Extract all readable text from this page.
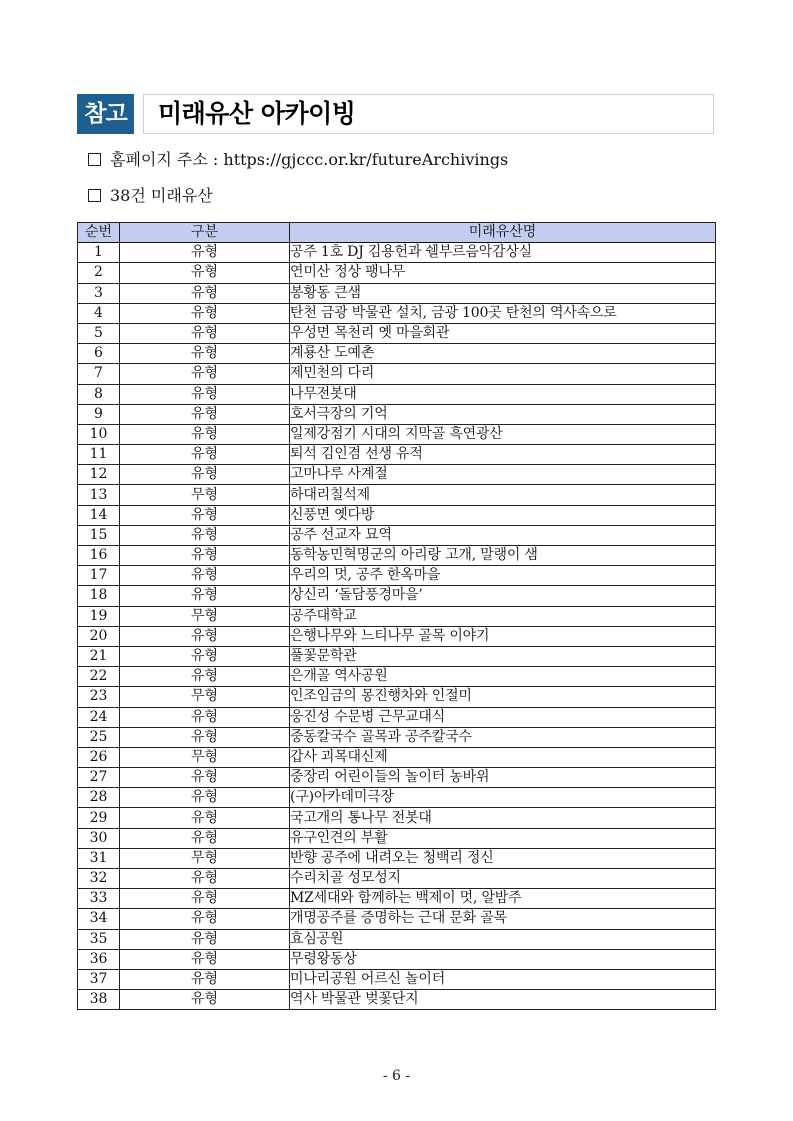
참고 미래유산 아카이빙
홈페이지 주소 : https://gjccc.or.kr/futureArchivings
38건 미래유산
순번	구분	미래유산명
1	유형	공주 1호 DJ 김용헌과 쉘부르음악감상실
2	유형	연미산 정상 팽나무
3	유형	봉황동 큰샘
4	유형	탄천 금광 박물관 설치, 금광 100곳 탄천의 역사속으로
5	유형	우성면 목천리 옛 마을회관
6	유형	계룡산 도예촌
7	유형	제민천의 다리
8	유형	나무전봇대
9	유형	호서극장의 기억
10	유형	일제강점기 시대의 지막골 흑연광산
11	유형	퇴석 김인겸 선생 유적
12	유형	고마나루 사계절
13	무형	하대리칠석제
14	유형	신풍면 옛다방
15	유형	공주 선교자 묘역
16	유형	동학농민혁명군의 아리랑 고개, 말랭이 샘
17	유형	우리의 멋, 공주 한옥마을
18	유형	상신리 ‘돌담풍경마을’
19	무형	공주대학교
20	유형	은행나무와 느티나무 골목 이야기
21	유형	풀꽃문학관
22	유형	은개골 역사공원
23	무형	인조임금의 몽진행차와 인절미
24	유형	웅진성 수문병 근무교대식
25	유형	중동칼국수 골목과 공주칼국수
26	무형	갑사 괴목대신제
27	유형	중장리 어린이들의 놀이터 농바위
28	유형	(구)아카데미극장
29	유형	국고개의 통나무 전봇대
30	유형	유구인견의 부활
31	무형	반향 공주에 내려오는 청백리 정신
32	유형	수리치골 성모성지
33	유형	MZ세대와 함께하는 백제이 멋, 알밤주
34	유형	개명공주를 증명하는 근대 문화 골목
35	유형	효심공원
36	유형	무령왕동상
37	유형	미나리공원 어르신 놀이터
38	유형	역사 박물관 벚꽃단지
- 6 -
